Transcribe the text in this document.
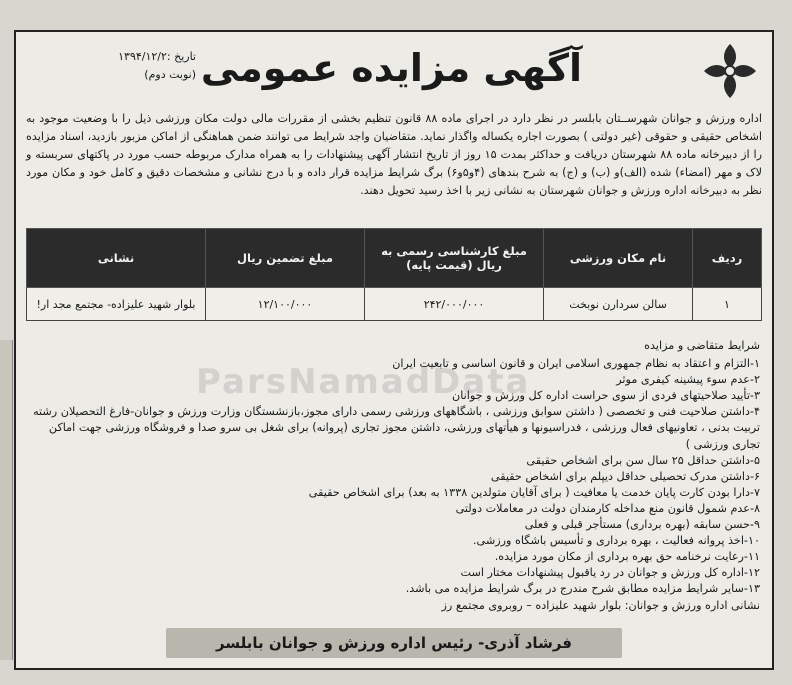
آگهی مزایده عمومی
تاریخ :۱۳۹۴/۱۲/۲
(نوبت دوم)
اداره ورزش و جوانان شهرســتان بابلسر در نظر دارد در اجرای ماده ۸۸ قانون تنظیم بخشی از مقررات مالی دولت مکان ورزشی ذیل را با وضعیت موجود به اشخاص حقیقی و حقوقی (غیر دولتی ) بصورت اجاره یکساله واگذار نماید. متقاضیان واجد شرایط می توانند ضمن هماهنگی از اماکن مزبور بازدید، اسناد مزایده را از دبیرخانه ماده ۸۸ شهرستان دریافت و حداکثر بمدت ۱۵ روز از تاریخ انتشار آگهی پیشنهادات را به همراه مدارک مربوطه حسب مورد در پاکتهای سربسته و لاک و مهر (امضاء) شده (الف)و (ب) و (ج) به شرح بندهای (۴و۵و۶) برگ شرایط مزایده قرار داده و با درج نشانی و مشخصات دقیق و کامل خود و مکان مورد نظر به دبیرخانه اداره ورزش و جوانان شهرستان به نشانی زیر با اخذ رسید تحویل دهند.
ردیف	نام مکان ورزشی	مبلغ کارشناسی رسمی به ریال (قیمت پایه)	مبلغ تضمین ریال	نشانی
۱	سالن سردارن نوبخت	۲۴۲/۰۰۰/۰۰۰	۱۲/۱۰۰/۰۰۰	بلوار شهید علیزاده- مجتمع مجد ار!
ParsNamadData
شرایط متقاضی و مزایده
۱-التزام و اعتقاد به نظام جمهوری اسلامی ایران و قانون اساسی و تابعیت ایران
۲-عدم سوء پیشینه کیفری موثر
۳-تأیید صلاحیتهای فردی از سوی حراست اداره کل ورزش و جوانان
۴-داشتن صلاحیت فنی و تخصصی ( داشتن سوابق ورزشی ، باشگاههای ورزشی رسمی دارای مجوز،بازنشستگان وزارت ورزش و جوانان-فارغ التحصیلان رشته تربیت بدنی ، تعاونیهای فعال ورزشی ، فدراسیونها و هیأتهای ورزشی، داشتن مجوز تجاری (پروانه) برای شغل بی سرو صدا و فروشگاه ورزشی جهت اماکن تجاری ورزشی )
۵-داشتن حداقل ۲۵ سال سن برای اشخاص حقیقی
۶-داشتن مدرک تحصیلی حداقل دیپلم برای اشخاص حقیقی
۷-دارا بودن کارت پایان خدمت یا معافیت ( برای آقایان متولدین ۱۳۳۸ به بعد) برای اشخاص حقیقی
۸-عدم شمول قانون منع مداخله کارمندان دولت در معاملات دولتی
۹-حسن سابقه (بهره برداری) مستأجر قبلی و فعلی
۱۰-اخذ پروانه فعالیت ، بهره برداری و تأسیس باشگاه ورزشی.
۱۱-رعایت نرخنامه حق بهره برداری از مکان مورد مزایده.
۱۲-اداره کل ورزش و جوانان در رد یاقبول پیشنهادات مختار است
۱۳-سایر شرایط مزایده مطابق شرح مندرج در برگ شرایط مزایده می باشد.
نشانی اداره ورزش و جوانان: بلوار شهید علیزاده – روبروی مجتمع رز
فرشاد آذری- رئیس اداره ورزش و جوانان بابلسر
